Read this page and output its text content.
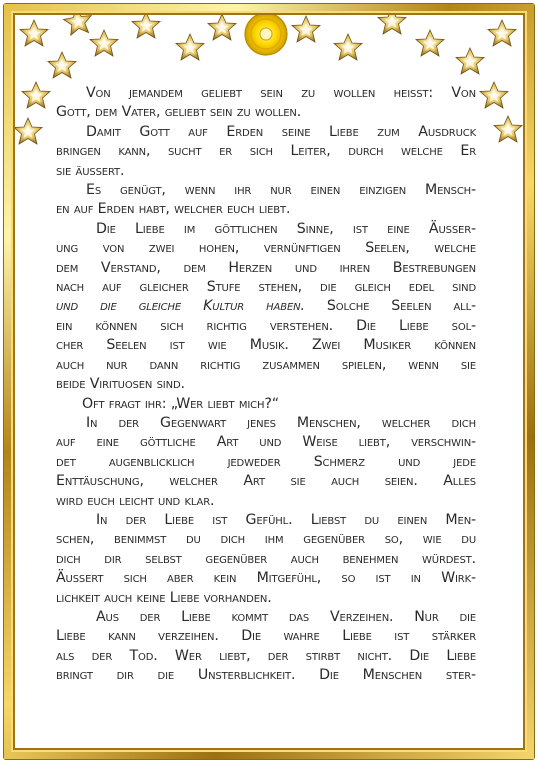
Von jemandem geliebt sein zu wollen heisst: Von
Gott, dem Vater, geliebt sein zu wollen.

Damit Gott auf Erden seine Liebe zum Ausdruck
bringen kann, sucht er sich Leiter, durch welche Er
sie äussert.

Es genügt, wenn ihr nur einen einzigen Mensch-
en auf Erden habt, welcher euch liebt.

Die Liebe im göttlichen Sinne, ist eine Äusser-
ung von zwei hohen, vernünftigen Seelen, welche
dem Verstand, dem Herzen und ihren Bestrebungen
nach auf gleicher Stufe stehen, die gleich edel sind
und die gleiche Kultur haben. Solche Seelen all-
ein können sich richtig verstehen. Die Liebe sol-
cher Seelen ist wie Musik. Zwei Musiker können
auch nur dann richtig zusammen spielen, wenn sie
beide Virituosen sind.

Oft fragt ihr: „Wer liebt mich?“

In der Gegenwart jenes Menschen, welcher dich
auf eine göttliche Art und Weise liebt, verschwin-
det augenblicklich jedweder Schmerz und jede
Enttäuschung, welcher Art sie auch seien. Alles
wird euch leicht und klar.

In der Liebe ist Gefühl. Liebst du einen Men-
schen, benimmst du dich ihm gegenüber so, wie du
dich dir selbst gegenüber auch benehmen würdest.
Äussert sich aber kein Mitgefühl, so ist in Wirk-
lichkeit auch keine Liebe vorhanden.

Aus der Liebe kommt das Verzeihen. Nur die
Liebe kann verzeihen. Die wahre Liebe ist stärker
als der Tod. Wer liebt, der stirbt nicht. Die Liebe
bringt dir die Unsterblichkeit. Die Menschen ster-
